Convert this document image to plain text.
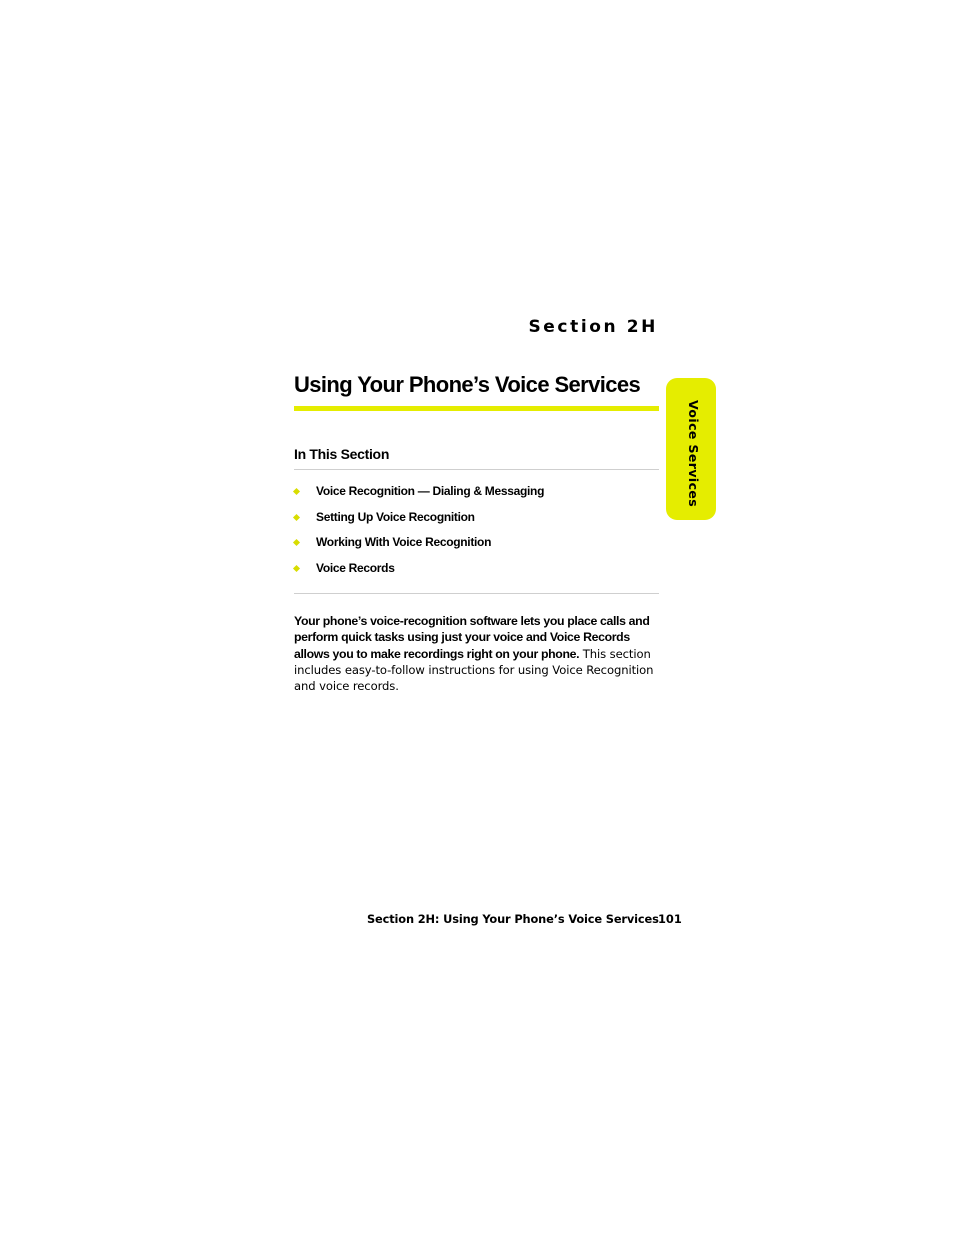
Section 2H
Using Your Phone’s Voice Services
Voice Services
In This Section
Voice Recognition — Dialing & Messaging
Setting Up Voice Recognition
Working With Voice Recognition
Voice Records

Your phone’s voice-recognition software lets you place calls and perform quick tasks using just your voice and Voice Records allows you to make recordings right on your phone. This section includes easy-to-follow instructions for using Voice Recognition and voice records.

Section 2H: Using Your Phone’s Voice Services 101
